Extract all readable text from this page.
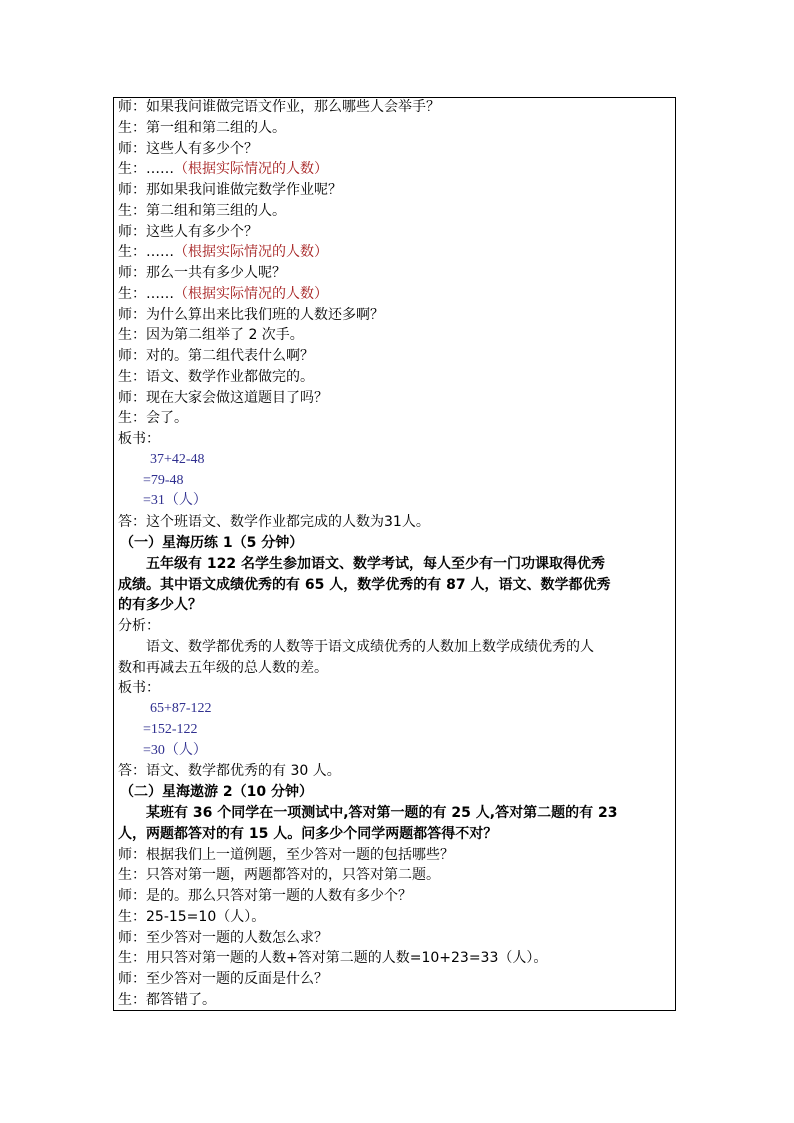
师：如果我问谁做完语文作业，那么哪些人会举手？
生：第一组和第二组的人。
师：这些人有多少个？
生：……（根据实际情况的人数）
师：那如果我问谁做完数学作业呢？
生：第二组和第三组的人。
师：这些人有多少个？
生：……（根据实际情况的人数）
师：那么一共有多少人呢？
生：……（根据实际情况的人数）
师：为什么算出来比我们班的人数还多啊？
生：因为第二组举了 2 次手。
师：对的。第二组代表什么啊？
生：语文、数学作业都做完的。
师：现在大家会做这道题目了吗？
生：会了。
板书：
37+42-48
=79-48
=31（人）
答：这个班语文、数学作业都完成的人数为31人。
（一）星海历练 1（5 分钟）
五年级有 122 名学生参加语文、数学考试，每人至少有一门功课取得优秀
成绩。其中语文成绩优秀的有 65 人，数学优秀的有 87 人，语文、数学都优秀
的有多少人？
分析：
语文、数学都优秀的人数等于语文成绩优秀的人数加上数学成绩优秀的人
数和再减去五年级的总人数的差。
板书：
65+87-122
=152-122
=30（人）
答：语文、数学都优秀的有 30 人。
（二）星海遨游 2（10 分钟）
某班有 36 个同学在一项测试中,答对第一题的有 25 人,答对第二题的有 23
人，两题都答对的有 15 人。问多少个同学两题都答得不对？
师：根据我们上一道例题，至少答对一题的包括哪些？
生：只答对第一题，两题都答对的，只答对第二题。
师：是的。那么只答对第一题的人数有多少个？
生：25-15=10（人）。
师：至少答对一题的人数怎么求？
生：用只答对第一题的人数+答对第二题的人数=10+23=33（人）。
师：至少答对一题的反面是什么？
生：都答错了。
